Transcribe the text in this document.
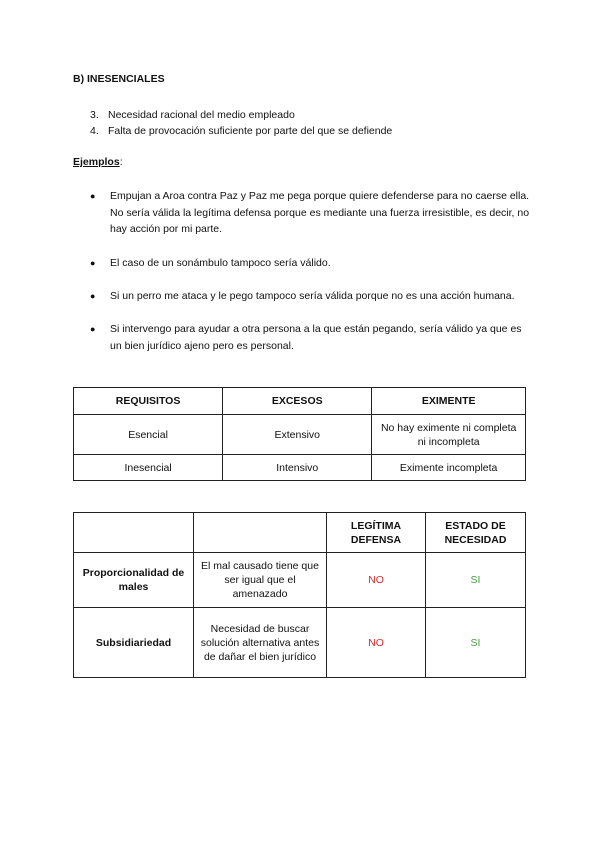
B) INESENCIALES
3. Necesidad racional del medio empleado
4. Falta de provocación suficiente por parte del que se defiende
Ejemplos:
● Empujan a Aroa contra Paz y Paz me pega porque quiere defenderse para no caerse ella. No sería válida la legítima defensa porque es mediante una fuerza irresistible, es decir, no hay acción por mi parte.
● El caso de un sonámbulo tampoco sería válido.
● Si un perro me ataca y le pego tampoco sería válida porque no es una acción humana.
● Si intervengo para ayudar a otra persona a la que están pegando, sería válido ya que es un bien jurídico ajeno pero es personal.
REQUISITOS	EXCESOS	EXIMENTE
Esencial	Extensivo	No hay eximente ni completa ni incompleta
Inesencial	Intensivo	Eximente incompleta
		LEGÍTIMA DEFENSA	ESTADO DE NECESIDAD
Proporcionalidad de males	El mal causado tiene que ser igual que el amenazado	NO	SI
Subsidiariedad	Necesidad de buscar solución alternativa antes de dañar el bien jurídico	NO	SI
